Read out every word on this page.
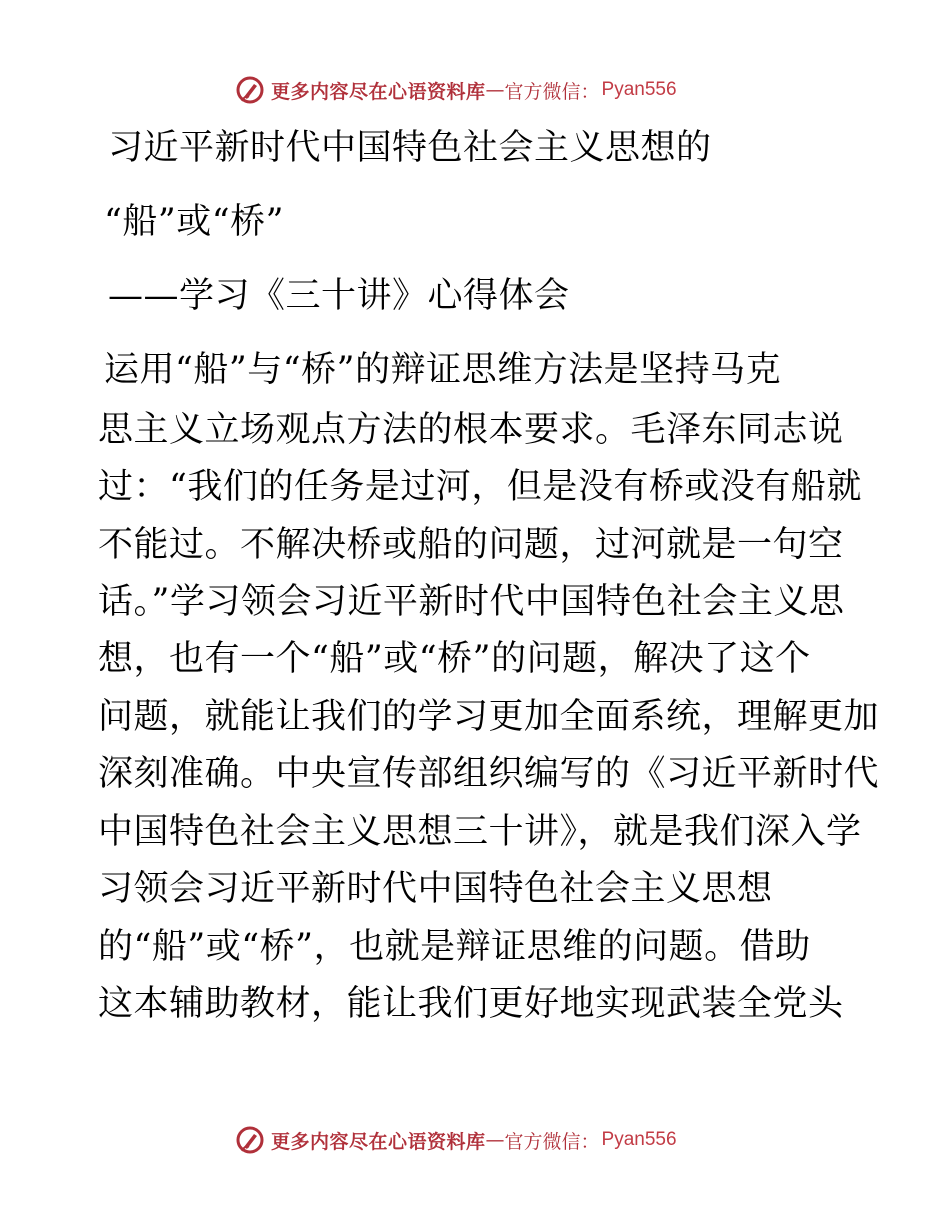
更多内容尽在心语资料库 — 官方微信： Pyan556
习近平新时代中国特色社会主义思想的
“船”或“桥”
——学习《三十讲》心得体会
运用“船”与“桥”的辩证思维方法是坚持马克
思主义立场观点方法的根本要求。毛泽东同志说
过：“我们的任务是过河，但是没有桥或没有船就
不能过。不解决桥或船的问题，过河就是一句空
话。”学习领会习近平新时代中国特色社会主义思
想，也有一个“船”或“桥”的问题，解决了这个
问题，就能让我们的学习更加全面系统，理解更加
深刻准确。中央宣传部组织编写的《习近平新时代
中国特色社会主义思想三十讲》，就是我们深入学
习领会习近平新时代中国特色社会主义思想
的“船”或“桥”，也就是辩证思维的问题。借助
这本辅助教材，能让我们更好地实现武装全党头
更多内容尽在心语资料库 — 官方微信： Pyan556
